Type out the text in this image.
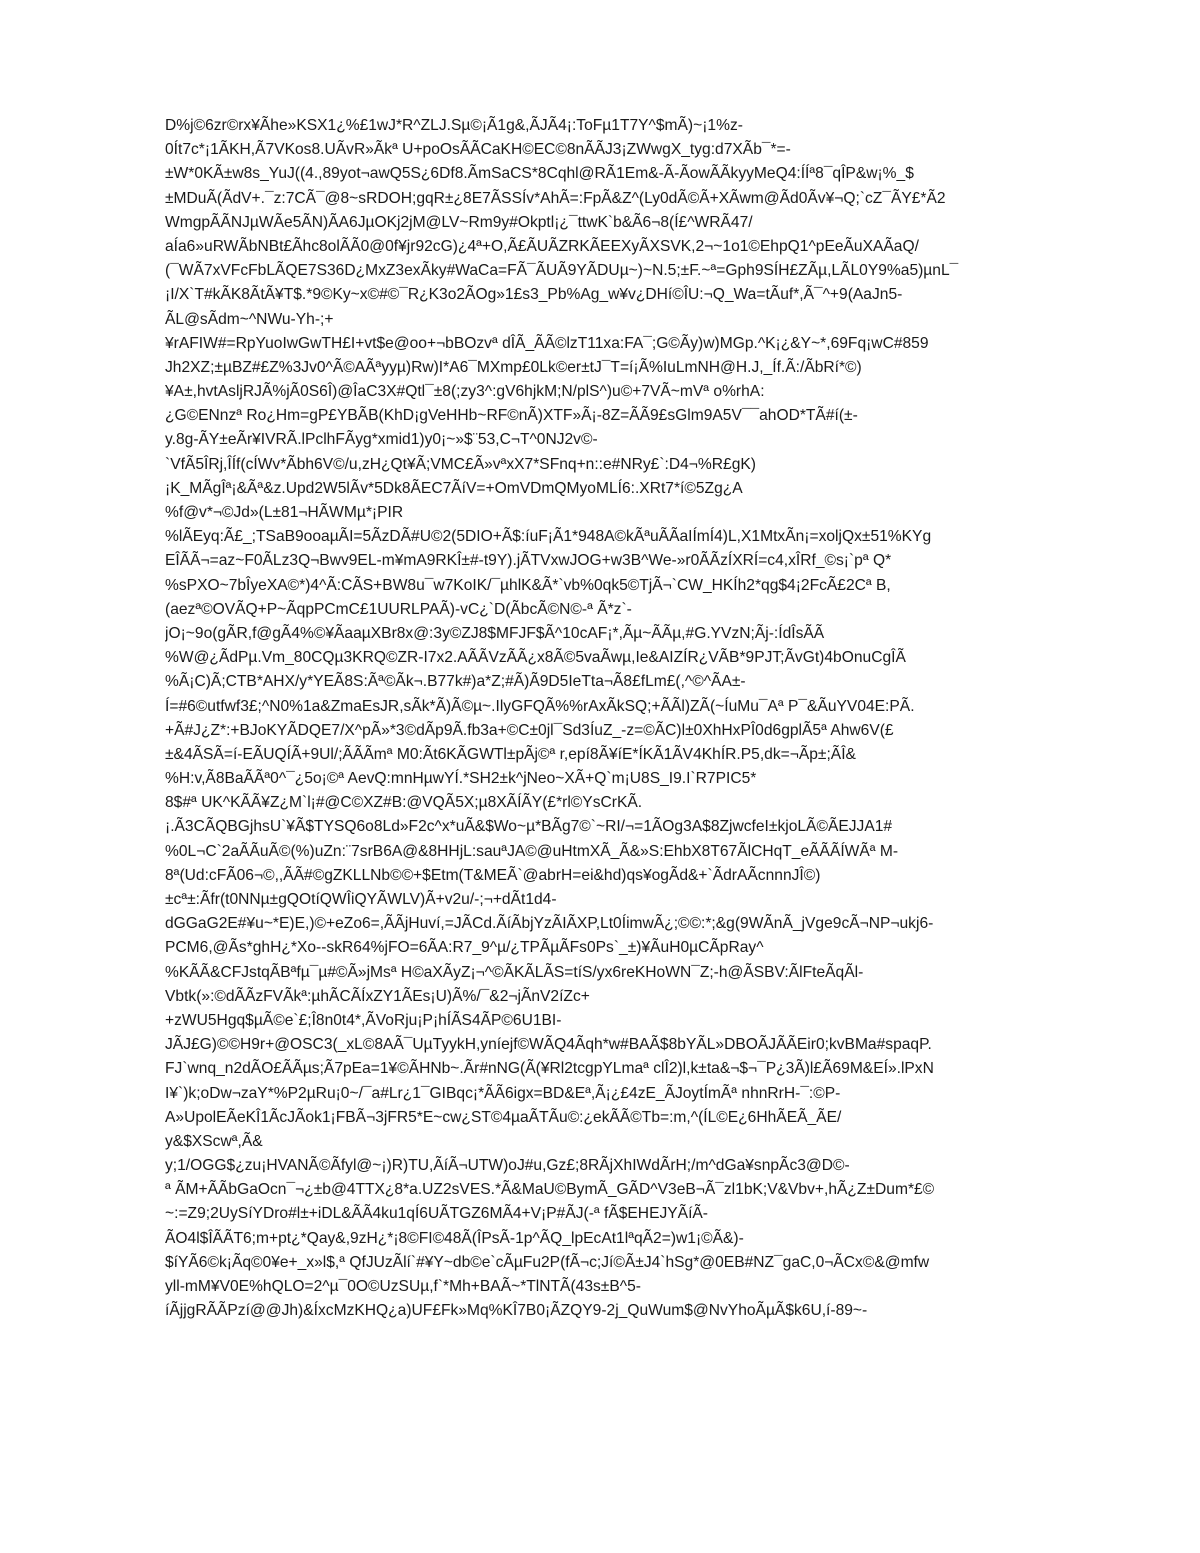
D%j©6zr©rx¥Ãhe»KSX1¿%£1wJ*R^ZLJ.Sµ©¡Ã1g&,ÃJÃ4¡:ToFµ1T7Y^$mÃ)~¡1%z-
0Ít7c*¡1ÃKH,Ã7VKos8.UÃvR»Ãkª U+poOsÃÃCaKH©EC©8nÃÃJ3¡ZWwgX_tyg:d7XÃb¯*=-
±W*0KÃ±w8s_YuJ((4.,89yot¬awQ5S¿6Df8.ÃmSaCS*8Cqhl@RÃ1Em&-Ã-ÃowÃÃkyyMeQ4:ÍÍª8¯qÎP&w¡%_$
±MDuÃ(ÃdV+.¯z:7CÃ¯@8~sRDOH;gqR±¿8E7ÃSSÍv*AhÃ=:FpÃ&Z^(Ly0dÃ©Ã+XÃwm@Ãd0Ãv¥¬Q;`cZ¯ÃY£*Ã2
WmgpÃÃNJµWÃe5ÃN)ÃA6JµOKj2jM@LV~Rm9y#Okptl¡¿¯ttwK`b&Ã6¬8(Í£^WRÃ47/
aÍa6»uRWÃbNBt£Ãhc8olÃÃ0@0f¥jr92cG)¿4ª+O,Ã£ÃUÃZRKÃEEXyÃXSVK,2¬~1o1©EhpQ1^pEeÃuXAÃaQ/
(¯WÃ7xVFcFbLÃQE7S36D¿MxZ3exÃky#WaCa=FÃ¯ÃUÃ9YÃDUµ~)~N.5;±F.~ª=Gph9SÍH£ZÃµ,LÃL0Y9%a5)µnL¯
¡I/X`T#kÃK8ÃtÃ¥T$.*9©Ky~x©#©¯R¿K3o2ÃOg»1£s3_Pb%Ag_w¥v¿DHí©ÎU:¬Q_Wa=tÃuf*,Ã¯^+9(AaJn5-
ÃL@sÃdm~^NWu-Yh-;+
¥rAFIW#=RpYuoIwGwTH£I+vt$e@oo+¬bBOzvª dÎÃ_ÃÃ©lzT11xa:FA¯;G©Ãy)w)MGp.^K¡¿&Y~*,69Fq¡wC#859
Jh2XZ;±µBZ#£Z%3Jv0^Ã©AÃªyyµ)Rw)I*A6¯MXmp£0Lk©er±tJ¯T=í¡Ã%IuLmNH@H.J,_Íf.Ã:/ÃbRí*©)
¥A±,hvtAsljRJÃ%jÃ0S6Î)@ÎaC3X#Qtl¯±8(;zy3^:gV6hjkM;N/plS^)u©+7VÃ~mVª o%rhA:
¿G©ENnzª Ro¿Hm=gP£YBÃB(KhD¡gVeHHb~RF©nÃ)XTF»Ã¡-8Z=ÃÃ9£sGlm9A5V¯¯ahOD*TÃ#í(±-
y.8g-ÃY±eÃr¥IVRÃ.lPclhFÃyg*xmid1)y0¡~»$¨53,C¬T^0NJ2v©-
`VfÃ5ÎRj,ÎÍf(cÍWv*Ãbh6V©/u,zH¿Qt¥Ã;VMC£Ã»vªxX7*SFnq+n::e#NRy£`:D4¬%R£gK)
¡K_MÃgÎª¡&Ãª&z.Upd2W5lÃv*5Dk8ÃEC7ÃíV=+OmVDmQMyoMLÍ6:.XRt7*í©5Zg¿A
%f@v*¬©Jd»(L±81¬HÃWMµ*¡PIR
%lÃEyq:Ã£_;TSaB9ooaµÃI=5ÃzDÃ#U©2(5DIO+Ã$:íuF¡Ã1*948A©kÃªuÃÃaIÍmÍ4)L,X1MtxÃn¡=xoljQx±51%KYg
EÎÃÃ¬=az~F0ÃLz3Q¬Bwv9EL-m¥mA9RKÎ±#-t9Y).jÃTVxwJOG+w3B^We-»r0ÃÃzÍXRÍ=c4,xÎRf_©s¡`pª Q*
%sPXO~7bÎyeXA©*)4^Ã:CÃS+BW8u¯w7KoIK/¯µhlK&Ã*`vb%0qk5©TjÃ¬`CW_HKÍh2*qg$4¡2FcÃ£2Cª B,
(aezª©OVÃQ+P~ÃqpPCmC£1UURLPAÃ)-vC¿`D(ÃbcÃ©N©-ª Ã*z`-
jO¡~9o(gÃR,f@gÃ4%©¥ÃaaµXBr8x@:3y©ZJ8$MFJF$Ã^10cAF¡*,Ãµ~ÃÃµ,#G.YVzN;Ãj-:ÍdÎsÃÃ
%W@¿ÃdPµ.Vm_80CQµ3KRQ©ZR-I7x2.AÃÃVzÃÃ¿x8Ã©5vaÃwµ,Ie&AIZÍR¿VÃB*9PJT;ÃvGt)4bOnuCgÎÃ
%Ã¡C)Ã;CTB*AHX/y*YEÃ8S:Ãª©Ãk¬.B77k#)a*Z;#Ã)Ã9D5IeTta¬Ã8£fLm£(,^©^ÃA±-
Í=#6©utfwf3£;^N0%1a&ZmaEsJR,sÃk*Ã)Ã©µ~.IlyGFQÃ%%rAxÃkSQ;+ÃÃl)ZÃ(~ÍuMu¯Aª P¯&ÃuYV04E:PÃ.
+Ã#J¿Z*:+BJoKYÃDQE7/X^pÃ»*3©dÃp9Ã.fb3a+©C±0jl¯Sd3ÍuZ_-z=©ÃC)l±0XhHxPÎ0d6gplÃ5ª Ahw6V(£
±&4ÃSÃ=í-EÃUQÍÃ+9Ul/;ÃÃÃmª M0:Ãt6KÃGWTl±pÃj©ª r,epí8Ã¥íE*ÍKÃ1ÃV4KhÍR.P5,dk=¬Ãp±;ÃÎ&
%H:v,Ã8BaÃÃª0^¯¿5o¡©ª AevQ:mnHµwYÍ.*SH2±k^jNeo~XÃ+Q`m¡U8S_I9.I`R7PIC5*
8$#ª UK^KÃÃ¥Z¿M`l¡#@C©XZ#B:@VQÃ5X;µ8XÃÍÃY(£*rl©YsCrKÃ.
¡.Ã3CÃQBGjhsU`¥Ã$TYSQ6o8Ld»F2c^x*uÃ&$Wo~µ*BÃg7©`~RI/¬=1ÃOg3A$8ZjwcfeI±kjoLÃ©ÃEJJA1#
%0L¬C`2aÃÃuÃ©(%)uZn:¨7srB6A@&8HHjL:sauªJA©@uHtmXÃ_Ã&»S:EhbX8T67ÃlCHqT_eÃÃÃÍWÃª M-
8ª(Ud:cFÃ06¬©,,ÃÃ#©gZKLLNb©©+$Etm(T&MEÃ`@abrH=ei&hd)qs¥ogÃd&+`ÃdrAÃcnnnJÎ©)
±cª±:Ãfr(t0NNµ±gQOtíQWÎiQYÃWLV)Ã+v2u/-;¬+dÃt1d4-
dGGaG2E#¥u~*E)E,)©+eZo6=,ÃÃjHuví,=JÃCd.ÃíÃbjYzÃIÃXP,Lt0ÍimwÃ¿;©©:*;&g(9WÃnÃ_jVge9cÃ¬NP¬ukj6-
PCM6,@Ãs*ghH¿*Xo--skR64%jFO=6ÃA:R7_9^µ/¿TPÃµÃFs0Ps`_±)¥ÃuH0µCÃpRay^
%KÃÃ&CFJstqÃBªfµ¯µ#©Ã»jMsª H©aXÃyZ¡¬^©ÃKÃLÃS=tíS/yx6reKHoWN¯Z;-h@ÃSBV:ÃlFteÃqÃl-
Vbtk(»:©dÃÃzFVÃkª:µhÃCÃÍxZY1ÃEs¡U)Ã%/¯&2¬jÃnV2íZc+
+zWU5Hgq$µÃ©e`£;Î8n0t4*,ÃVoRju¡P¡hÍÃS4ÃP©6U1BI-
JÃJ£G)©©H9r+@OSC3(_xL©8AÃ¯UµTyykH,yníejf©WÃQ4Ãqh*w#BAÃ$8bYÃL»DBOÃJÃÃEir0;kvBMa#spaqP.
FJ`wnq_n2dÃO£ÃÃµs;Ã7pEa=1¥©ÃHNb~.Ãr#nNG(Ã(¥Rl2tcgpYLmaª clÎ2)l,k±ta&¬$¬¯P¿3Ã)l£Ã69M&EÍ».lPxN
I¥`)k;oDw¬zaY*%P2µRu¡0~/¯a#Lr¿1¯GIBqc¡*ÃÃ6igx=BD&Eª,Ã¡¿£4zE_ÃJoytÍmÃª nhnRrH-¯:©P-
A»UpolEÃeKÎ1ÃcJÃok1¡FBÃ¬3jFR5*E~cw¿ST©4µaÃTÃu©:¿ekÃÃ©Tb=:m,^(ÍL©E¿6HhÃEÃ_ÃE/
y&$XScwª,Ã&
y;1/OGG$¿zu¡HVANÃ©Ãfyl@~¡)R)TU,ÃíÃ¬UTW)oJ#u,Gz£;8RÃjXhIWdÃrH;/m^dGa¥snpÃc3@D©-
ª ÃM+ÃÃbGaOcn¯¬¿±b@4TTX¿8*a.UZ2sVES.*Ã&MaU©BymÃ_GÃD^V3eB¬Ã¯zl1bK;V&Vbv+,hÃ¿Z±Dum*£©
~:=Z9;2UySíYDro#l±+iDL&ÃÃ4ku1qÍ6UÃTGZ6MÃ4+V¡P#ÃJ(-ª fÃ$EHEJYÃíÃ-
ÃO4l$ÎÃÃT6;m+pt¿*Qay&,9zH¿*¡8©FI©48Ã(ÎPsÃ-1p^ÃQ_lpEcAt1lªqÃ2=)w1¡©Ã&)-
$íYÃ6©k¡Ãq©0¥e+_x»l$,ª QfJUzÃlí`#¥Y~db©e`cÃµFu2P(fÃ¬c;Jí©Ã±J4`hSg*@0EB#NZ¯gaC,0¬ÃCx©&@mfw
yll-mM¥V0E%hQLO=2^µ¯0O©UzSUµ,f`*Mh+BAÃ~*TlNTÃ(43s±B^5-
íÃjjgRÃÃPzí@@Jh)&ÍxcMzKHQ¿a)UF£Fk»Mq%KÎ7B0¡ÃZQY9-2j_QuWum$@NvYhoÃµÃ$k6U,í-89~-
